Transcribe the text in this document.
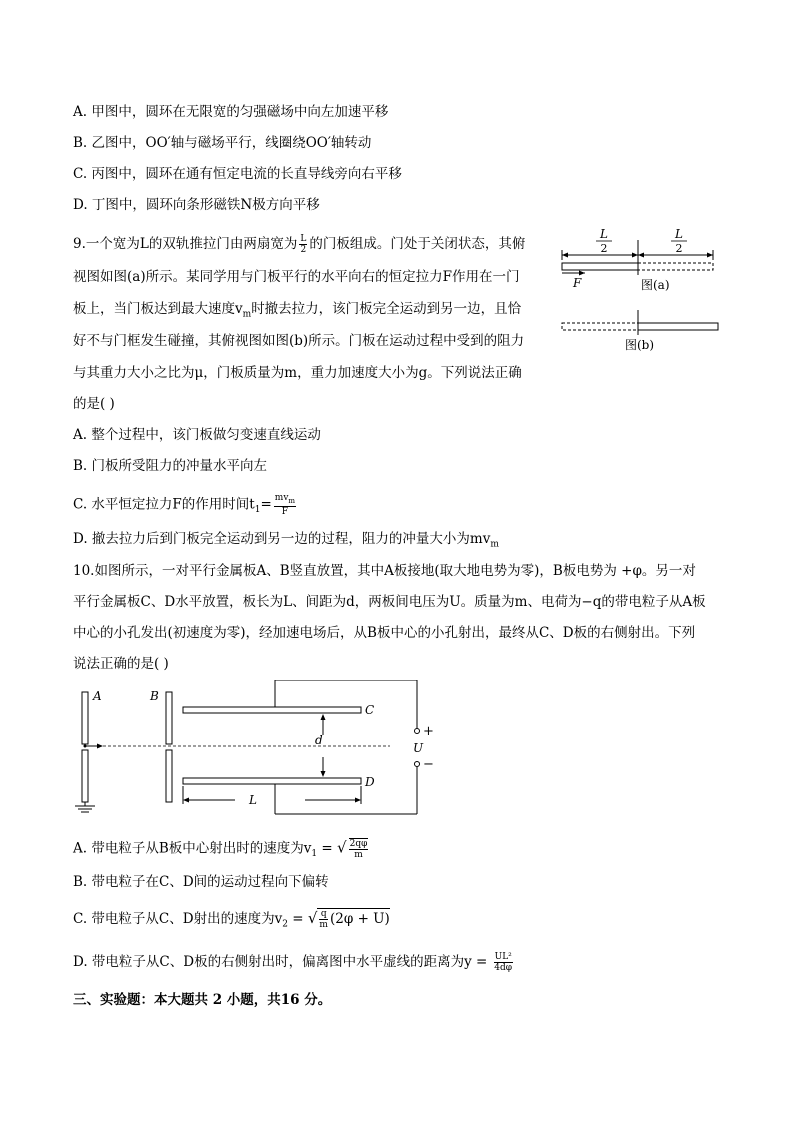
A. 甲图中，圆环在无限宽的匀强磁场中向左加速平移
B. 乙图中，OO′轴与磁场平行，线圈绕OO′轴转动
C. 丙图中，圆环在通有恒定电流的长直导线旁向右平移
D. 丁图中，圆环向条形磁铁N极方向平移
9.一个宽为L的双轨推拉门由两扇宽为 $\frac{L}{2}$ 的门板组成。门处于关闭状态，其俯
视图如图(a)所示。某同学用与门板平行的水平向右的恒定拉力F作用在一门
板上，当门板达到最大速度$v_m$时撤去拉力，该门板完全运动到另一边，且恰
好不与门框发生碰撞，其俯视图如图(b)所示。门板在运动过程中受到的阻力
与其重力大小之比为μ，门板质量为m，重力加速度大小为g。下列说法正确
的是( )
L
2
L
2
F	图(a)
图(b)
A. 整个过程中，该门板做匀变速直线运动
B. 门板所受阻力的冲量水平向左
C. 水平恒定拉力F的作用时间$t_1= \frac{mv_m}{F}$
D. 撤去拉力后到门板完全运动到另一边的过程，阻力的冲量大小为$mv_m$
10.如图所示，一对平行金属板A、B竖直放置，其中A板接地(取大地电势为零)，B板电势为 +φ。另一对
平行金属板C、D水平放置，板长为L、间距为d，两板间电压为U。质量为m、电荷为−q的带电粒子从A板
中心的小孔发出(初速度为零)，经加速电场后，从B板中心的小孔射出，最终从C、D板的右侧射出。下列
说法正确的是( )
A	B
C
D
d
L
+
U
−
A. 带电粒子从B板中心射出时的速度为$v_1$ = √ $\frac{2q\varphi}{m}$
B. 带电粒子在C、D间的运动过程向下偏转
C. 带电粒子从C、D射出的速度为$v_2$ = √ $\frac{q}{m} (2\varphi + U)$
D. 带电粒子从C、D板的右侧射出时，偏离图中水平虚线的距离为$y = \frac{\text{UL²}}{4d\varphi}$
三、实验题：本大题共 2 小题，共16 分。
